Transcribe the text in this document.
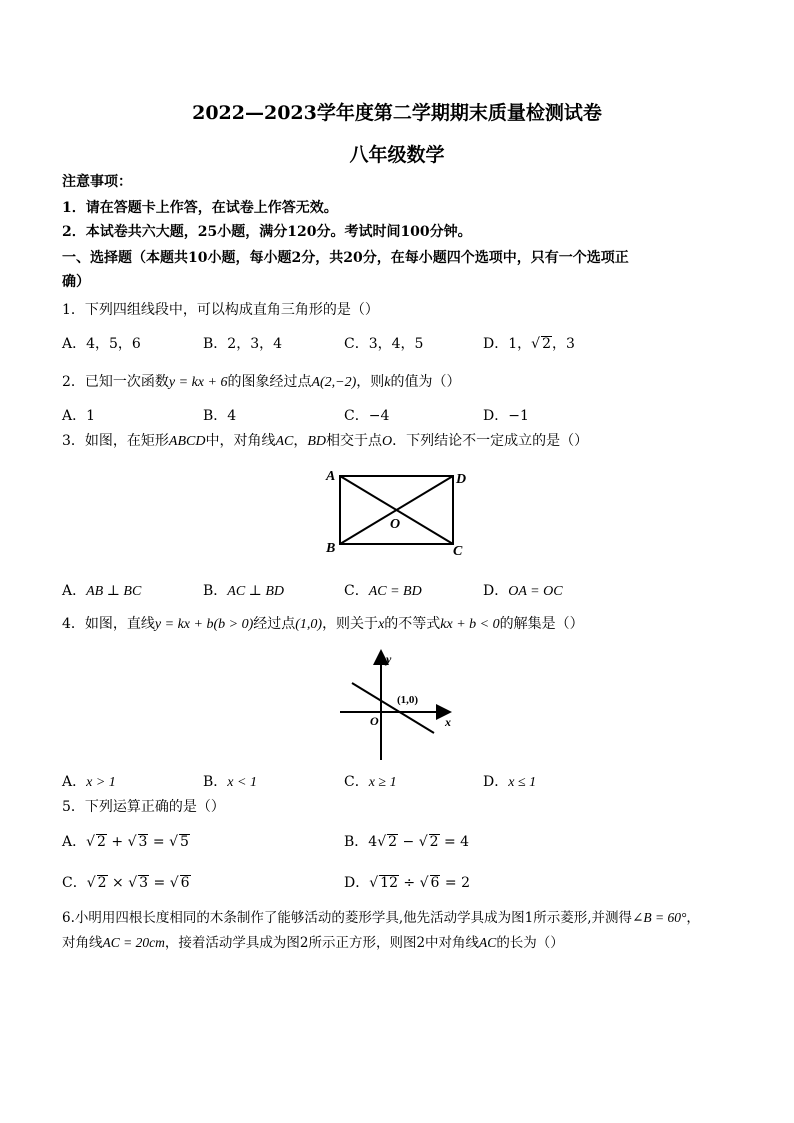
2022—2023学年度第二学期期末质量检测试卷
八年级数学
注意事项：
1．请在答题卡上作答，在试卷上作答无效。
2．本试卷共六大题，25小题，满分120分。考试时间100分钟。
一、选择题（本题共10小题，每小题2分，共20分，在每小题四个选项中，只有一个选项正
确）
1．下列四组线段中，可以构成直角三角形的是（）
A．4，5，6	B．2，3，4	C．3，4，5	D．1， √ 2，3
2．已知一次函数y = kx + 6的图象经过点A(2,−2)，则k的值为（）
A．1	B．4	C．−4	D．−1
3．如图，在矩形ABCD中，对角线AC，BD相交于点O．下列结论不一定成立的是（）
A	D
B	C
O
A．AB ⊥ BC	B．AC ⊥ BD	C．AC = BD	D．OA = OC
4．如图，直线y = kx + b(b > 0)经过点(1,0)，则关于x的不等式kx + b < 0的解集是（）
y
x
O
(1,0)
A．x > 1	B．x < 1	C．x ≥ 1	D．x ≤ 1
5．下列运算正确的是（）
A． √ 2 + √ 3 = √ 5	B．4 √ 2 − √ 2 = 4
C． √ 2 × √ 3 = √ 6	D． √ 12 ÷ √ 6 = 2
6.小明用四根长度相同的木条制作了能够活动的菱形学具,他先活动学具成为图1所示菱形,并测得∠B = 60°，
对角线AC = 20cm，接着活动学具成为图2所示正方形，则图2中对角线AC的长为（）
